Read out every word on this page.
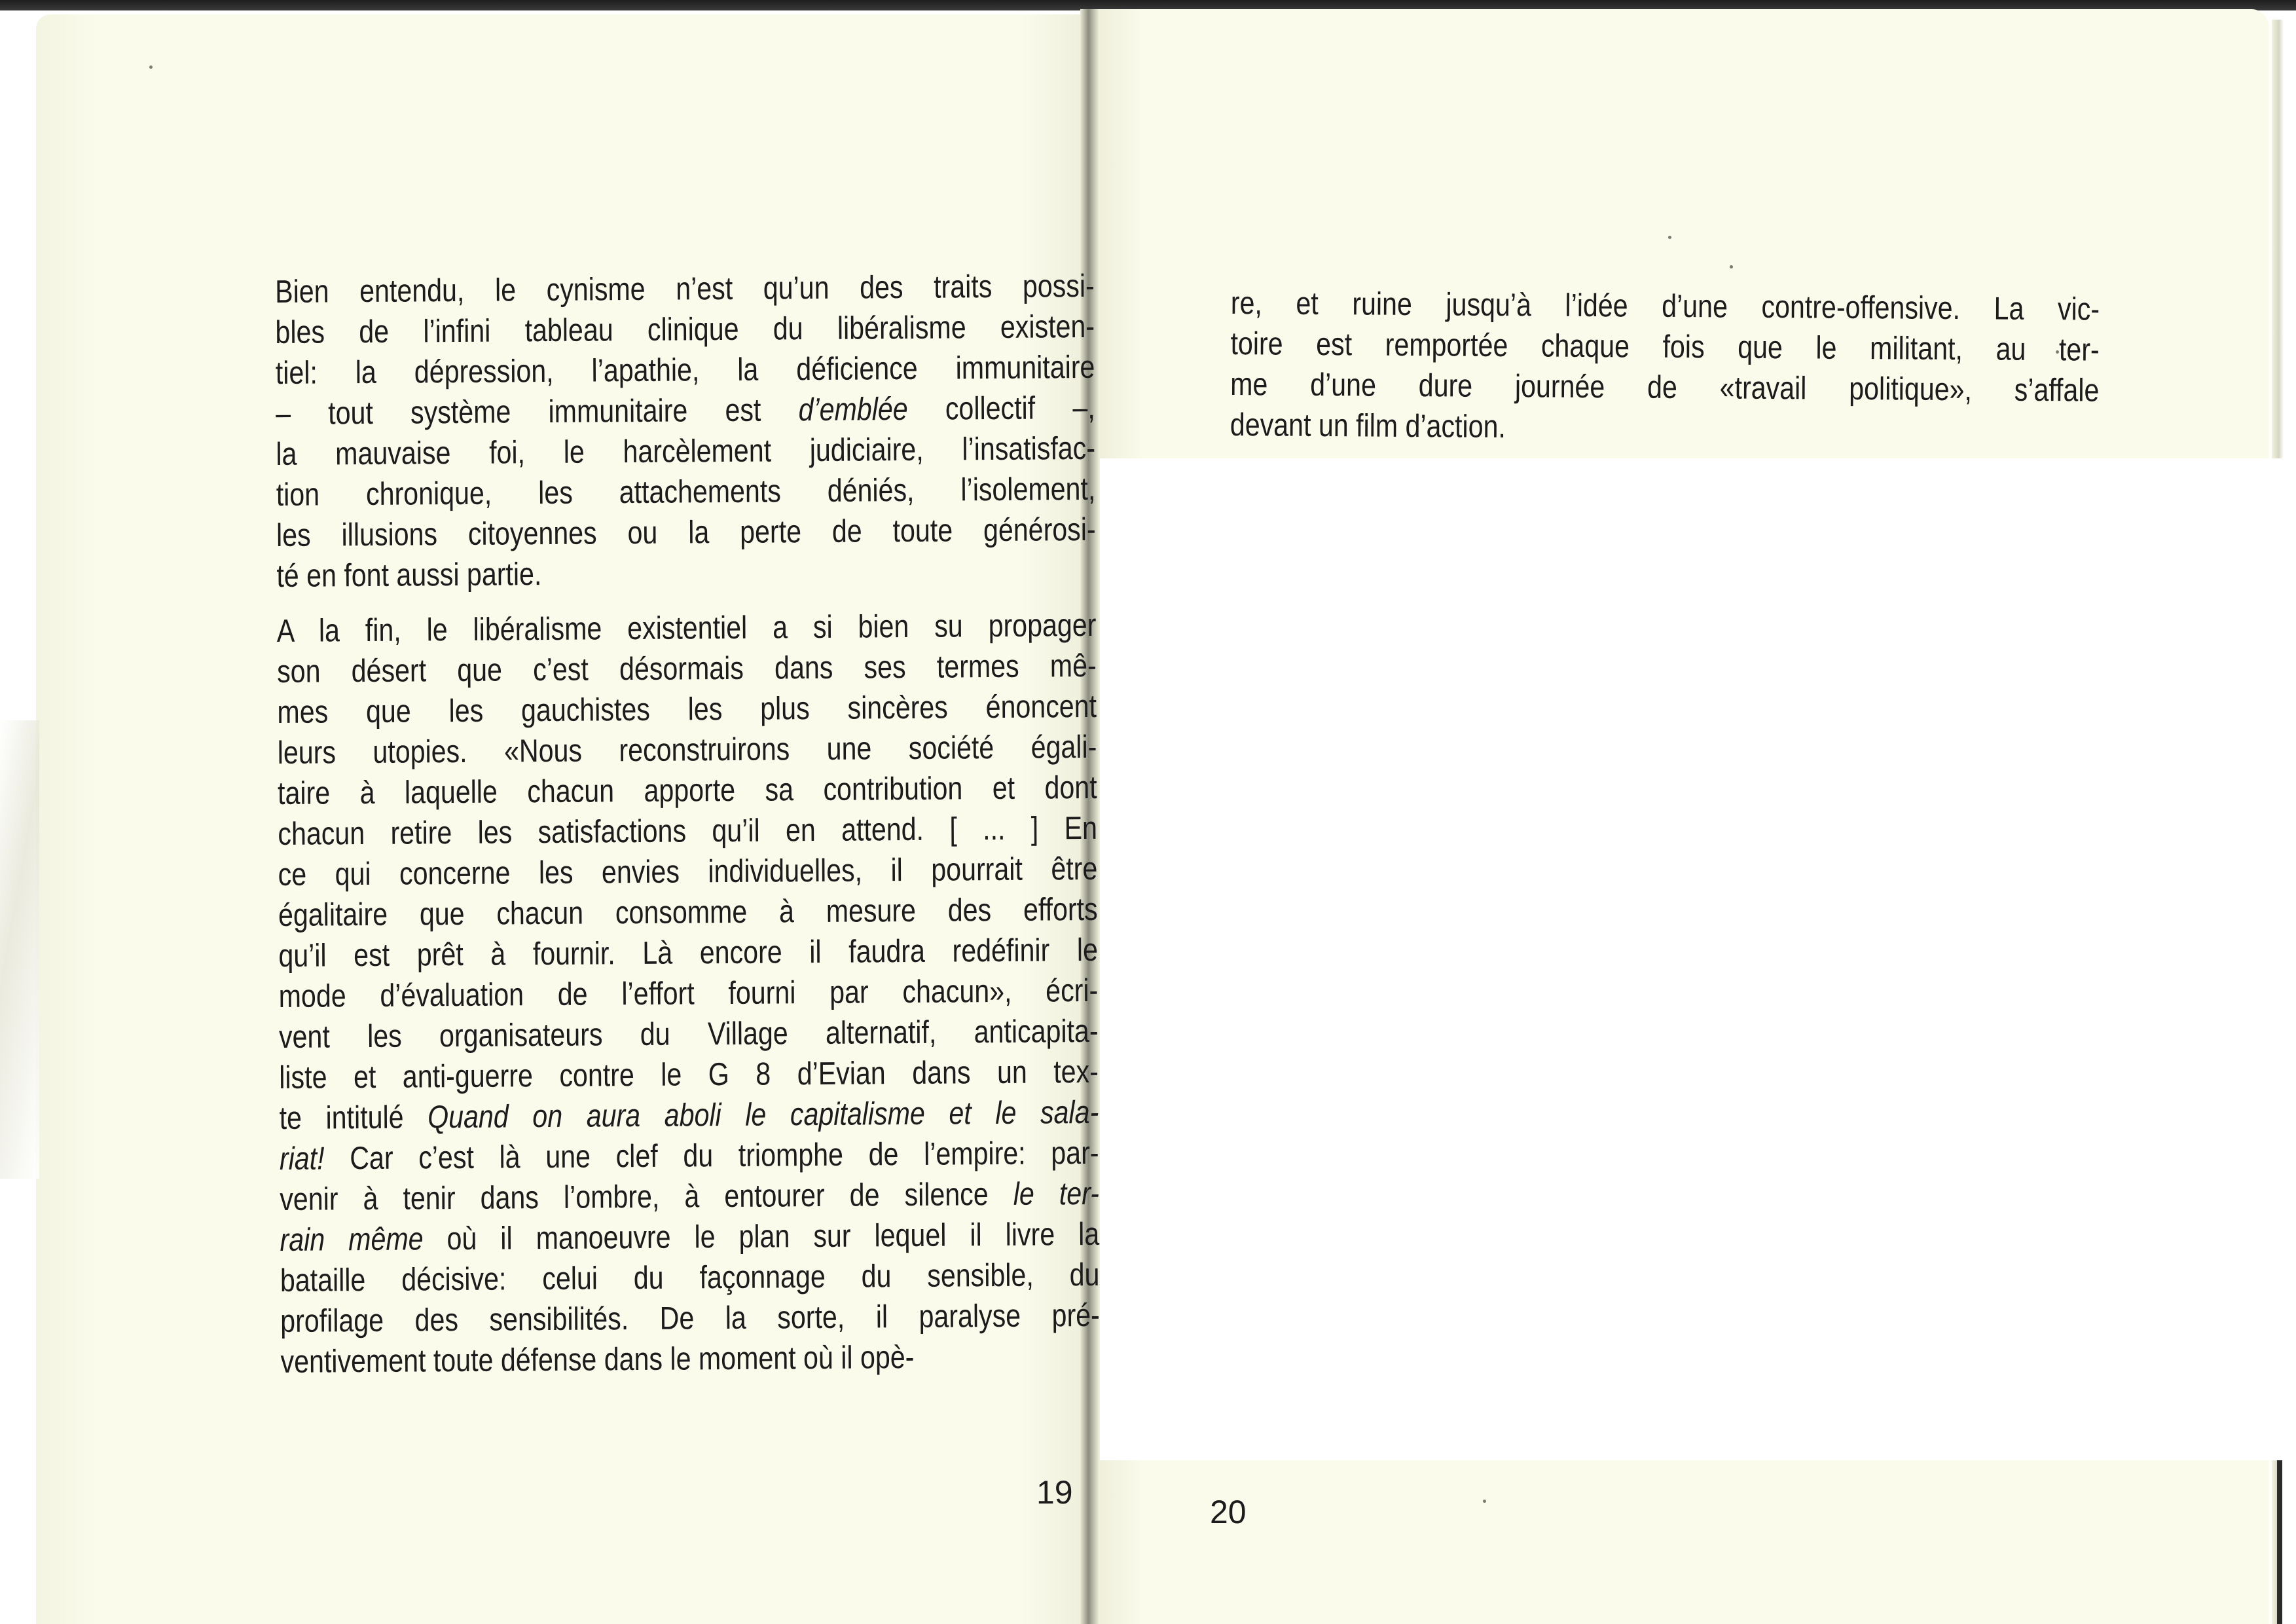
Bien entendu, le cynisme n’est qu’un des traits possi-
bles de l’infini tableau clinique du libéralisme existen-
tiel: la dépression, l’apathie, la déficience immunitaire
– tout système immunitaire est d’emblée collectif –,
la mauvaise foi, le harcèlement judiciaire, l’insatisfac-
tion chronique, les attachements déniés, l’isolement,
les illusions citoyennes ou la perte de toute générosi-
té en font aussi partie.
A la fin, le libéralisme existentiel a si bien su propager
son désert que c’est désormais dans ses termes mê-
mes que les gauchistes les plus sincères énoncent
leurs utopies. «Nous reconstruirons une société égali-
taire à laquelle chacun apporte sa contribution et dont
chacun retire les satisfactions qu’il en attend. [ ... ] En
ce qui concerne les envies individuelles, il pourrait être
égalitaire que chacun consomme à mesure des efforts
qu’il est prêt à fournir. Là encore il faudra redéfinir le
mode d’évaluation de l’effort fourni par chacun», écri-
vent les organisateurs du Village alternatif, anticapita-
liste et anti-guerre contre le G 8 d’Evian dans un tex-
te intitulé Quand on aura aboli le capitalisme et le sala-
riat! Car c’est là une clef du triomphe de l’empire: par-
venir à tenir dans l’ombre, à entourer de silence le ter-
rain même où il manoeuvre le plan sur lequel il livre la
bataille décisive: celui du façonnage du sensible, du
profilage des sensibilités. De la sorte, il paralyse pré-
ventivement toute défense dans le moment où il opè-
re, et ruine jusqu’à l’idée d’une contre-offensive. La vic-
toire est remportée chaque fois que le militant, au ter-
me d’une dure journée de «travail politique», s’affale
devant un film d’action.
19
20
